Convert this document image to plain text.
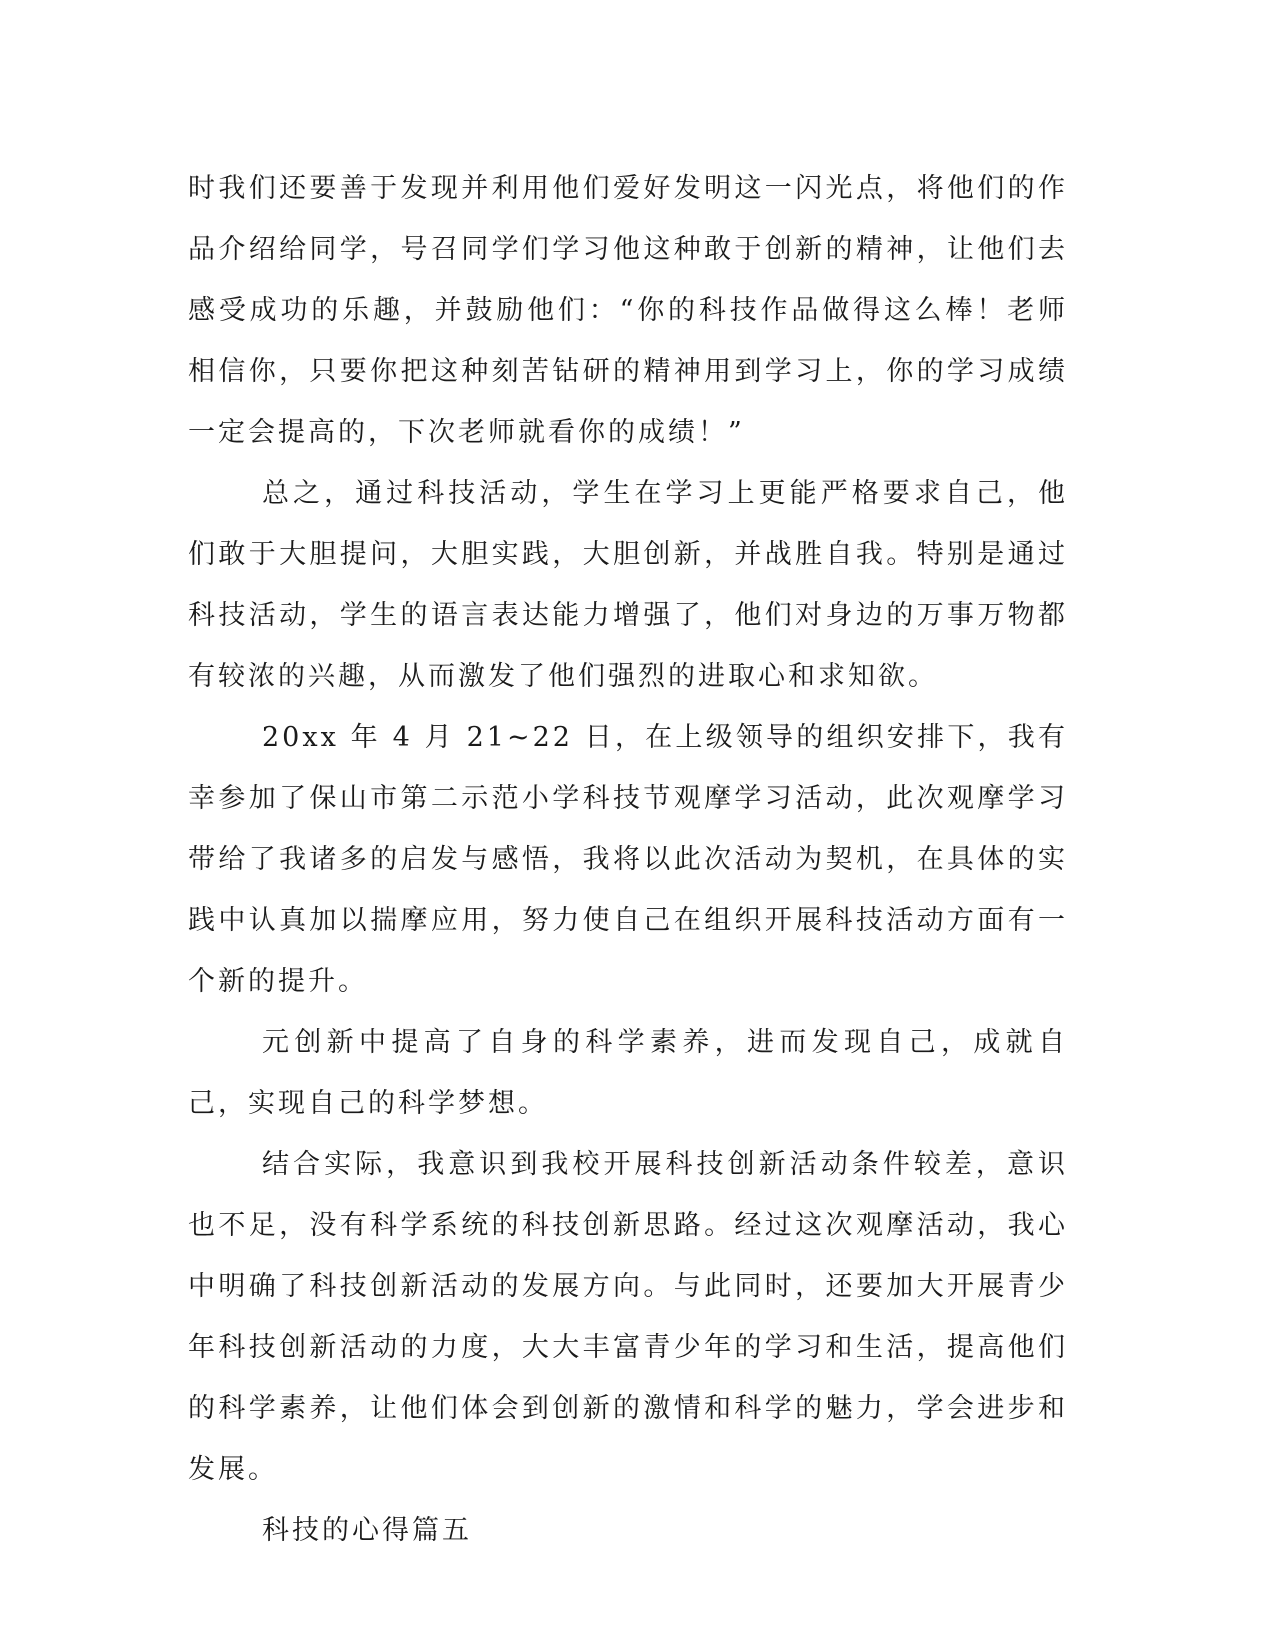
时我们还要善于发现并利用他们爱好发明这一闪光点，将他们的作品介绍给同学，号召同学们学习他这种敢于创新的精神，让他们去感受成功的乐趣，并鼓励他们：“你的科技作品做得这么棒！老师相信你，只要你把这种刻苦钻研的精神用到学习上，你的学习成绩一定会提高的，下次老师就看你的成绩！”

总之，通过科技活动，学生在学习上更能严格要求自己，他们敢于大胆提问，大胆实践，大胆创新，并战胜自我。特别是通过科技活动，学生的语言表达能力增强了，他们对身边的万事万物都有较浓的兴趣，从而激发了他们强烈的进取心和求知欲。

20xx 年 4 月 21~22 日，在上级领导的组织安排下，我有幸参加了保山市第二示范小学科技节观摩学习活动，此次观摩学习带给了我诸多的启发与感悟，我将以此次活动为契机，在具体的实践中认真加以揣摩应用，努力使自己在组织开展科技活动方面有一个新的提升。

元创新中提高了自身的科学素养，进而发现自己，成就自己，实现自己的科学梦想。

结合实际，我意识到我校开展科技创新活动条件较差，意识也不足，没有科学系统的科技创新思路。经过这次观摩活动，我心中明确了科技创新活动的发展方向。与此同时，还要加大开展青少年科技创新活动的力度，大大丰富青少年的学习和生活，提高他们的科学素养，让他们体会到创新的激情和科学的魅力，学会进步和发展。

科技的心得篇五
